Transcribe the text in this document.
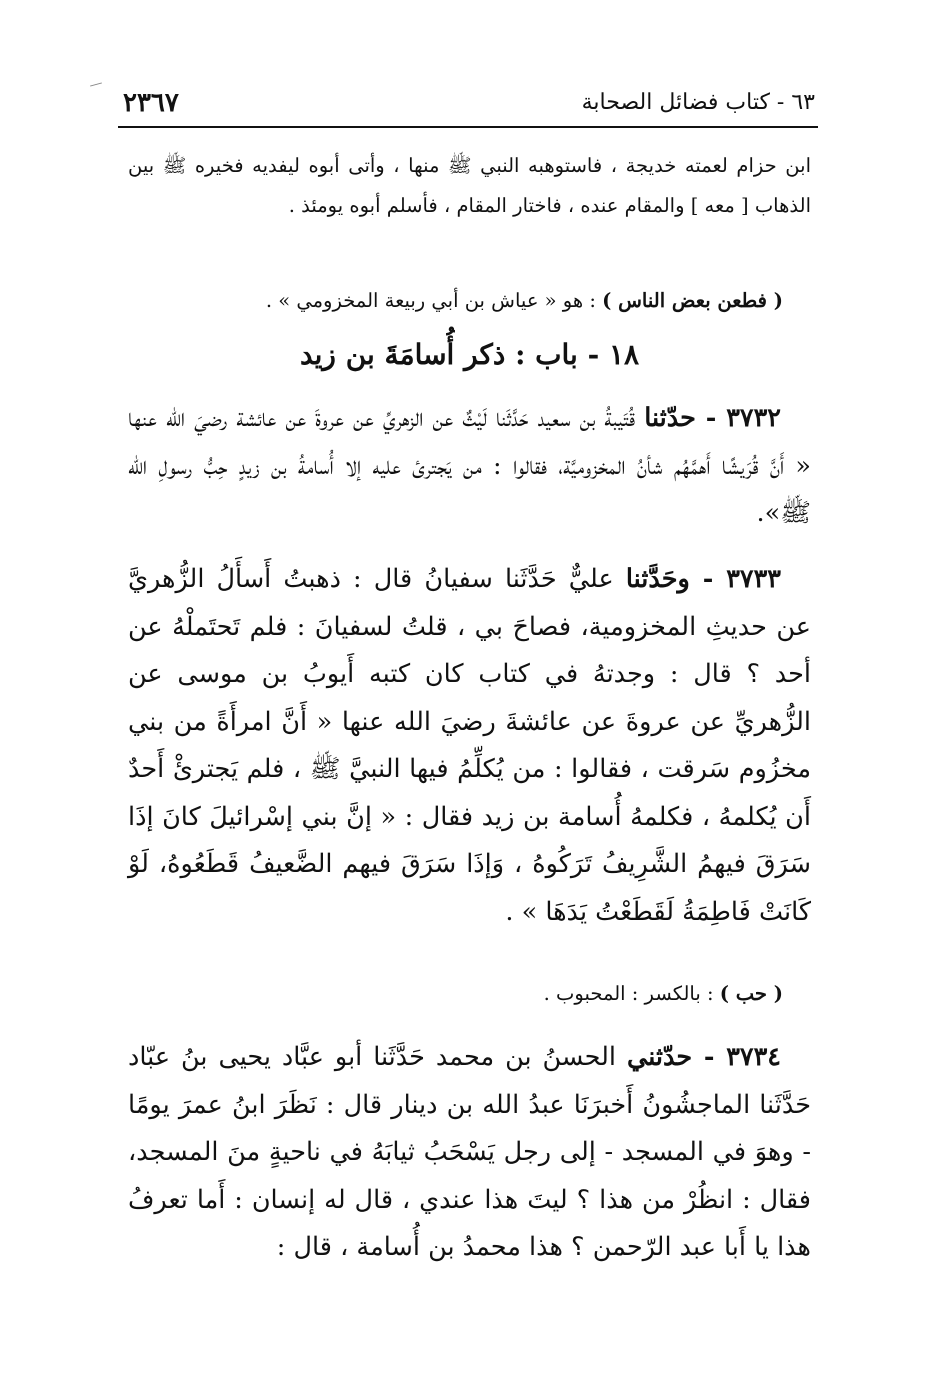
٢٣٦٧	٦٣ - كتاب فضائل الصحابة
ابن حزام لعمته خديجة ، فاستوهبه النبي ﷺ منها ، وأتى أبوه ليفديه فخيره ﷺ بين الذهاب [ معه ] والمقام عنده ، فاختار المقام ، فأسلم أبوه يومئذ .
( فطعن بعض الناس ) : هو « عياش بن أبي ربيعة المخزومي » .
١٨ - باب : ذكر أُسامَةَ بن زيد
٣٧٣٢ - حدّثنا قُتَيبةُ بن سعيد حَدَّثَنا لَيْثٌ عن الزهريِّ عن عروةَ عن عائشة رضيَ الله عنها « أَنَّ قُرَيشًا أَهمَّهُم شأنُ المخزوميَّة، فقالوا : من يَجترئ عليه إلا أُسامةُ بن زيدٍ حِبُّ رسولِ الله ﷺ».
٣٧٣٣ - وحَدَّثنا عليٌّ حَدَّثَنا سفيانُ قال : ذهبتُ أَسأَلُ الزُّهريَّ عن حديثِ المخزومية، فصاحَ بي ، قلتُ لسفيانَ : فلم تَحتَملْهُ عن أحد ؟ قال : وجدتهُ في كتاب كان كتبه أَيوبُ بن موسى عن الزُّهريِّ عن عروةَ عن عائشةَ رضيَ الله عنها « أَنَّ امرأَةً من بني مخزُوم سَرقت ، فقالوا : من يُكلِّمُ فيها النبيَّ ﷺ ، فلم يَجترئْ أَحدٌ أَن يُكلمهُ ، فكلمهُ أُسامة بن زيد فقال : « إنَّ بني إسْرائيلَ كانَ إذَا سَرَقَ فيهمُ الشَّرِيفُ تَرَكُوهُ ، وَإذَا سَرَقَ فيهم الضَّعيفُ قَطَعُوهُ، لَوْ كَانَتْ فَاطِمَةُ لَقَطَعْتُ يَدَهَا » .
( حب ) : بالكسر : المحبوب .
٣٧٣٤ - حدّثني الحسنُ بن محمد حَدَّثَنا أبو عبَّاد يحيى بنُ عبّاد حَدَّثَنا الماجشُونُ أَخبرَنَا عبدُ الله بن دينار قال : نَظَرَ ابنُ عمرَ يومًا - وهوَ في المسجد - إلى رجل يَسْحَبُ ثيابَهُ في ناحيةٍ منَ المسجد، فقال : انظُرْ من هذا ؟ ليتَ هذا عندي ، قال له إنسان : أَما تعرفُ هذا يا أَبا عبد الرّحمن ؟ هذا محمدُ بن أُسامة ، قال :
